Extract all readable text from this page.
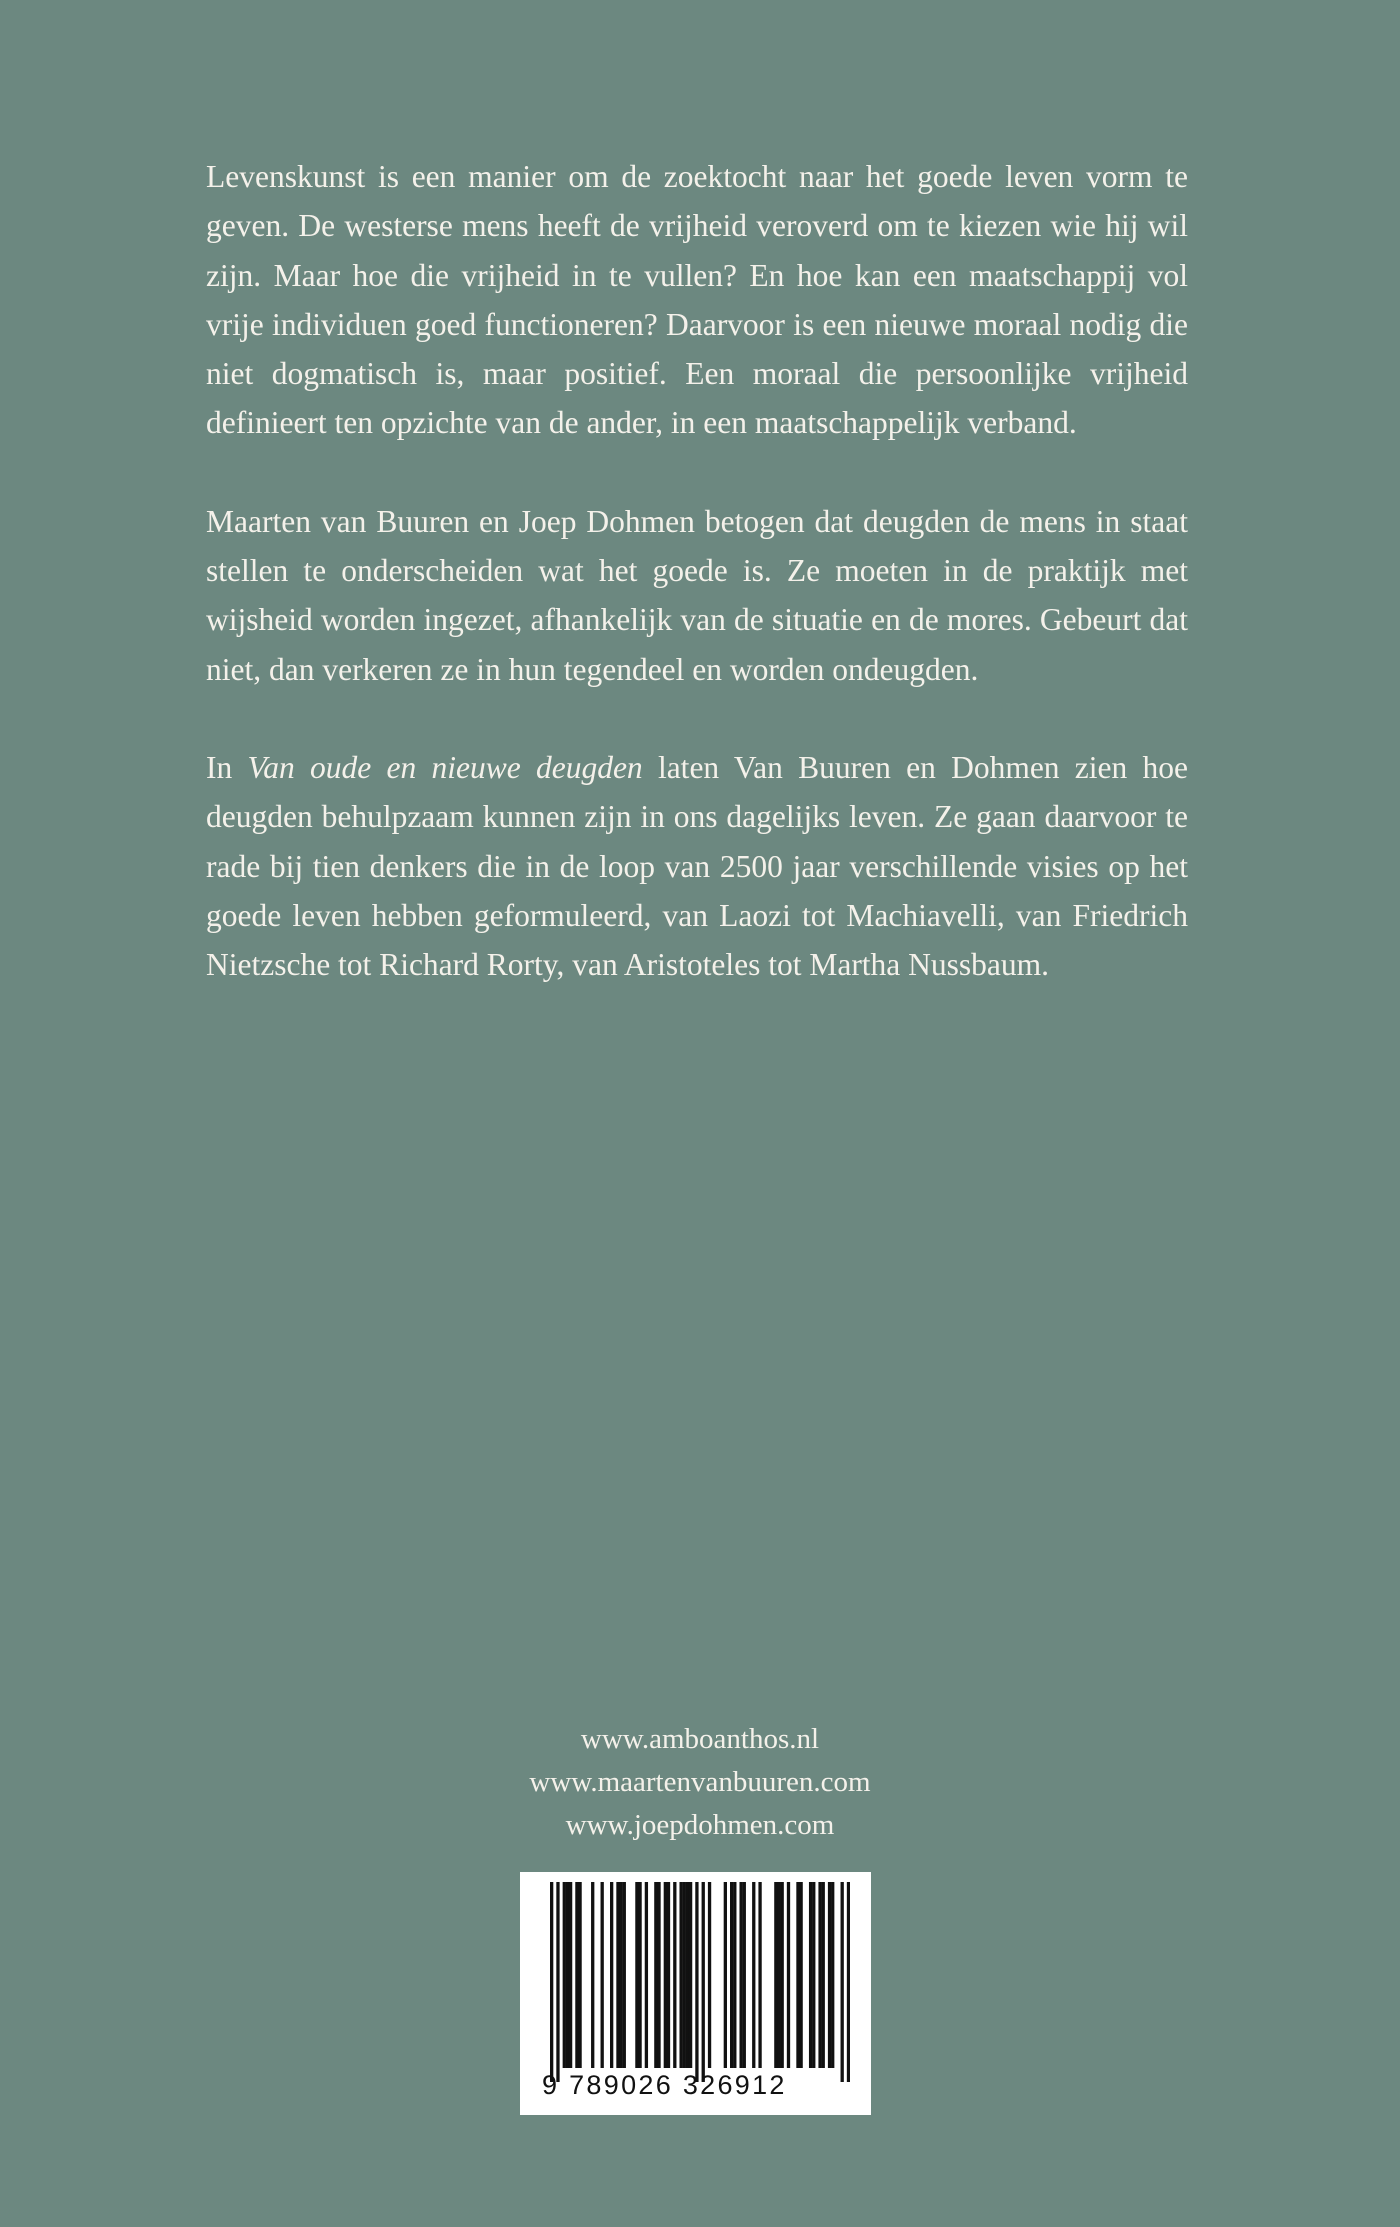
Levenskunst is een manier om de zoektocht naar het goede leven vorm te geven. De westerse mens heeft de vrijheid veroverd om te kiezen wie hij wil zijn. Maar hoe die vrijheid in te vullen? En hoe kan een maatschappij vol vrije individuen goed functioneren? Daarvoor is een nieuwe moraal nodig die niet dogmatisch is, maar positief. Een moraal die persoonlijke vrijheid definieert ten opzichte van de ander, in een maatschappelijk verband.

Maarten van Buuren en Joep Dohmen betogen dat deugden de mens in staat stellen te onderscheiden wat het goede is. Ze moeten in de praktijk met wijsheid worden ingezet, afhankelijk van de situatie en de mores. Gebeurt dat niet, dan verkeren ze in hun tegendeel en worden ondeugden.

In Van oude en nieuwe deugden laten Van Buuren en Dohmen zien hoe deugden behulpzaam kunnen zijn in ons dagelijks leven. Ze gaan daarvoor te rade bij tien denkers die in de loop van 2500 jaar verschillende visies op het goede leven hebben geformuleerd, van Laozi tot Machiavelli, van Friedrich Nietzsche tot Richard Rorty, van Aristoteles tot Martha Nussbaum.

www.amboanthos.nl
www.maartenvanbuuren.com
www.joepdohmen.com
9 789026 326912
